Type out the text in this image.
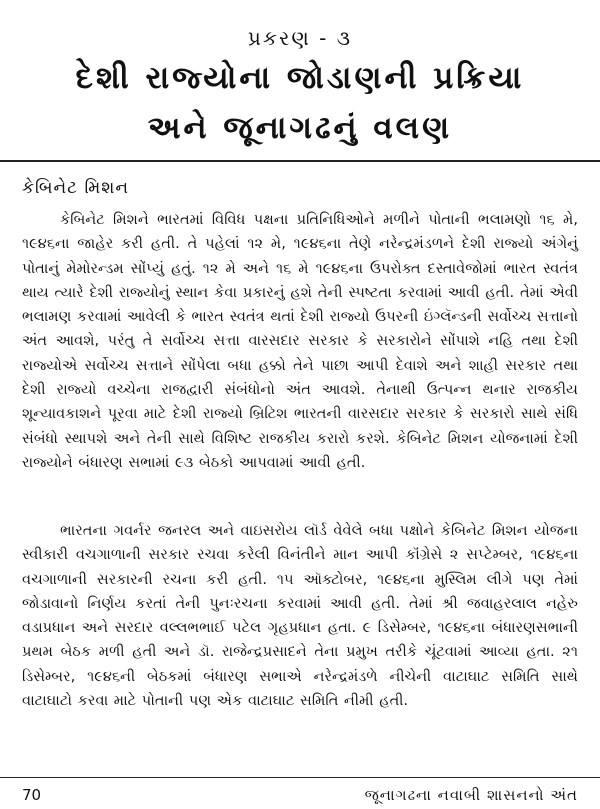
પ્રકરણ - ૩
દેશી રાજ્યોના જોડાણની પ્રક્રિયા
અને જૂનાગઢનું વલણ
કેબિનેટ મિશન

કેબિનેટ મિશને ભારતમાં વિવિધ પક્ષના પ્રતિનિધિઓને મળીને પોતાની ભલામણો ૧૬ મે, ૧૯૪૬ના જાહેર કરી હતી. તે પહેલાં ૧૨ મે, ૧૯૪૬ના તેણે નરેન્દ્રમંડળને દેશી રાજ્યો અંગેનું પોતાનું મેમોરન્ડમ સોંપ્યું હતું. ૧૨ મે અને ૧૬ મે ૧૯૪૬ના ઉપરોક્ત દસ્તાવેજોમાં ભારત સ્વતંત્ર થાય ત્યારે દેશી રાજ્યોનું સ્થાન કેવા પ્રકારનું હશે તેની સ્પષ્ટતા કરવામાં આવી હતી. તેમાં એવી ભલામણ કરવામાં આવેલી કે ભારત સ્વતંત્ર થતાં દેશી રાજ્યો ઉપરની ઇંગ્લૅન્ડની સર્વોચ્ચ સત્તાનો અંત આવશે, પરંતુ તે સર્વોચ્ચ સત્તા વારસદાર સરકાર કે સરકારોને સોંપાશે નહિ તથા દેશી રાજ્યોએ સર્વોચ્ચ સત્તાને સોંપેલા બધા હક્કો તેને પાછા આપી દેવાશે અને શાહી સરકાર તથા દેશી રાજ્યો વચ્ચેના રાજદ્વારી સંબંધોનો અંત આવશે. તેનાથી ઉત્પન્ન થનાર રાજકીય શૂન્યાવકાશને પૂરવા માટે દેશી રાજ્યો બ્રિટિશ ભારતની વારસદાર સરકાર કે સરકારો સાથે સંધિ સંબંધો સ્થાપશે અને તેની સાથે વિશિષ્ટ રાજકીય કરારો કરશે. કેબિનેટ મિશન યોજનામાં દેશી રાજ્યોને બંધારણ સભામાં ૯૩ બેઠકો આપવામાં આવી હતી.

ભારતના ગવર્નર જનરલ અને વાઇસરોય લૉર્ડ વેવેલે બધા પક્ષોને કેબિનેટ મિશન યોજના સ્વીકારી વચગાળાની સરકાર રચવા કરેલી વિનંતીને માન આપી કૉંગ્રેસે ૨ સપ્ટેમ્બર, ૧૯૪૬ના વચગાળાની સરકારની રચના કરી હતી. ૧૫ ઑક્ટોબર, ૧૯૪૬ના મુસ્લિમ લીગે પણ તેમાં જોડાવાનો નિર્ણય કરતાં તેની પુનઃરચના કરવામાં આવી હતી. તેમાં શ્રી જવાહરલાલ નહેરુ વડાપ્રધાન અને સરદાર વલ્લભભાઈ પટેલ ગૃહપ્રધાન હતા. ૯ ડિસેમ્બર, ૧૯૪૬ના બંધારણસભાની પ્રથમ બેઠક મળી હતી અને ડૉ. રાજેન્દ્રપ્રસાદને તેના પ્રમુખ તરીકે ચૂંટવામાં આવ્યા હતા. ૨૧ ડિસેમ્બર, ૧૯૪૬ની બેઠકમાં બંધારણ સભાએ નરેન્દ્રમંડળે નીચેની વાટાઘાટ સમિતિ સાથે વાટાઘાટો કરવા માટે પોતાની પણ એક વાટાઘાટ સમિતિ નીમી હતી.

70	જૂનાગઢના નવાબી શાસનનો અંત
